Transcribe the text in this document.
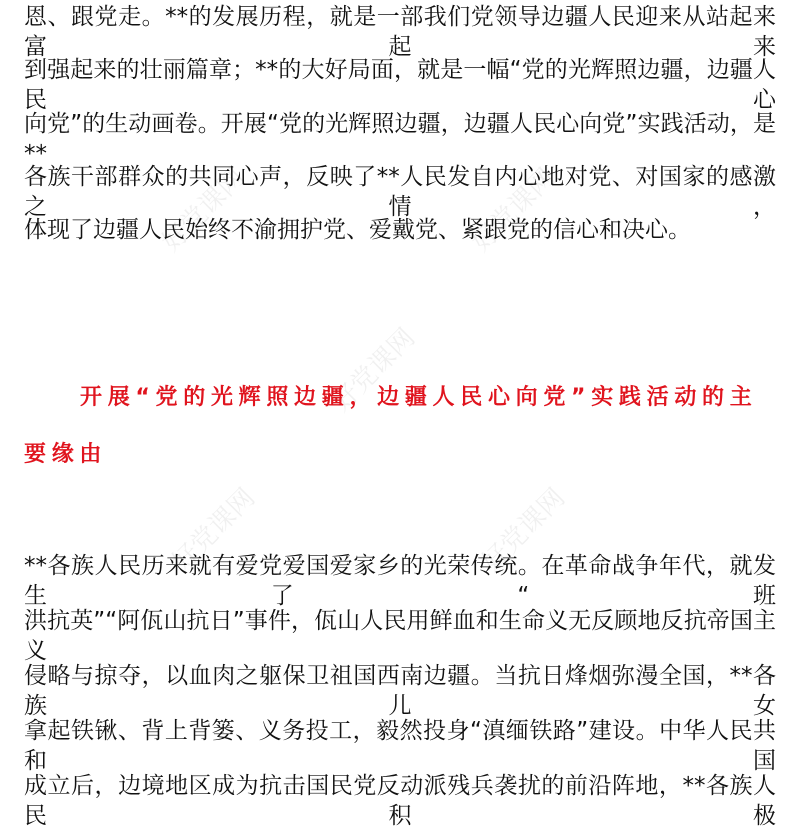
好党课网	好党课网
好党课网
好党课网	好党课网
恩、跟党走。**的发展历程，就是一部我们党领导边疆人民迎来从站起来富起来
到强起来的壮丽篇章；**的大好局面，就是一幅“党的光辉照边疆，边疆人民心
向党”的生动画卷。开展“党的光辉照边疆，边疆人民心向党”实践活动，是**
各族干部群众的共同心声，反映了**人民发自内心地对党、对国家的感激之情，
体现了边疆人民始终不渝拥护党、爱戴党、紧跟党的信心和决心。
开展“党的光辉照边疆，边疆人民心向党”实践活动的主
要缘由
**各族人民历来就有爱党爱国爱家乡的光荣传统。在革命战争年代，就发生了“班
洪抗英”“阿佤山抗日”事件，佤山人民用鲜血和生命义无反顾地反抗帝国主义
侵略与掠夺，以血肉之躯保卫祖国西南边疆。当抗日烽烟弥漫全国，**各族儿女
拿起铁锹、背上背篓、义务投工，毅然投身“滇缅铁路”建设。中华人民共和国
成立后，边境地区成为抗击国民党反动派残兵袭扰的前沿阵地，**各族人民积极
